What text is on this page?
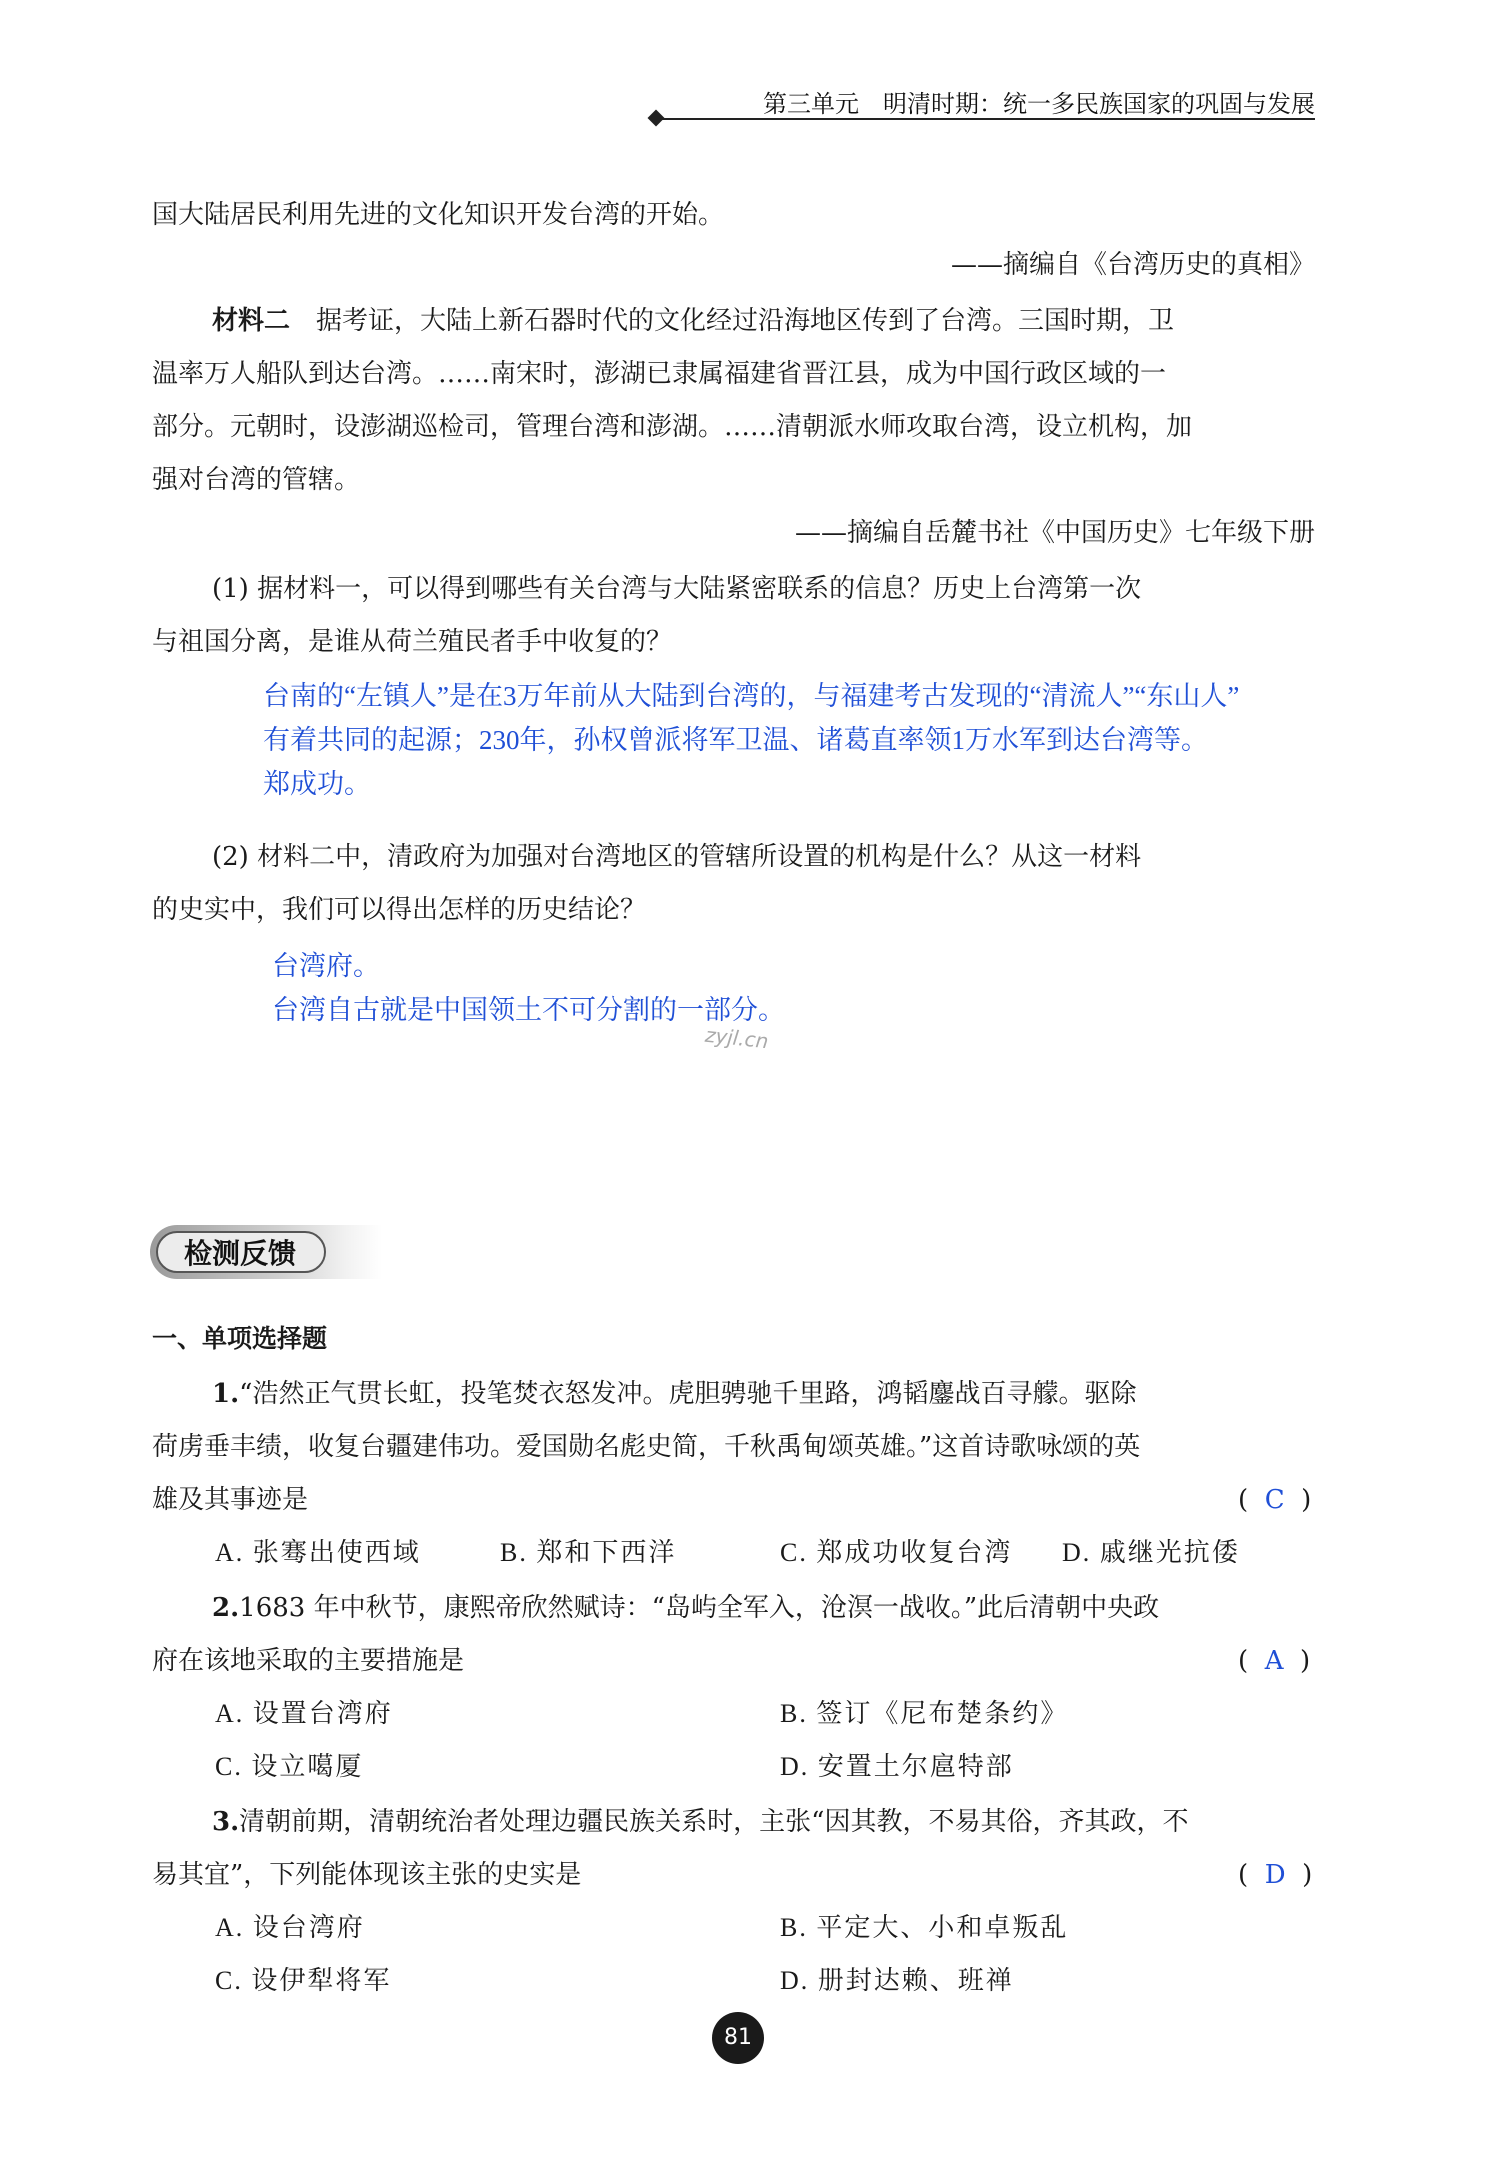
第三单元　明清时期：统一多民族国家的巩固与发展
国大陆居民利用先进的文化知识开发台湾的开始。
——摘编自《台湾历史的真相》
材料二 据考证，大陆上新石器时代的文化经过沿海地区传到了台湾。三国时期，卫
温率万人船队到达台湾。……南宋时，澎湖已隶属福建省晋江县，成为中国行政区域的一
部分。元朝时，设澎湖巡检司，管理台湾和澎湖。……清朝派水师攻取台湾，设立机构，加
强对台湾的管辖。
——摘编自岳麓书社《中国历史》七年级下册
(1) 据材料一，可以得到哪些有关台湾与大陆紧密联系的信息？历史上台湾第一次
与祖国分离，是谁从荷兰殖民者手中收复的？
台南的“左镇人”是在3万年前从大陆到台湾的，与福建考古发现的“清流人”“东山人”
有着共同的起源；230年，孙权曾派将军卫温、诸葛直率领1万水军到达台湾等。
郑成功。
(2) 材料二中，清政府为加强对台湾地区的管辖所设置的机构是什么？从这一材料
的史实中，我们可以得出怎样的历史结论？
台湾府。
台湾自古就是中国领土不可分割的一部分。
zyjl.cn
检测反馈
一、单项选择题
1.“浩然正气贯长虹，投笔焚衣怒发冲。虎胆骋驰千里路，鸿韬鏖战百寻艨。驱除
荷虏垂丰绩，收复台疆建伟功。爱国勋名彪史简，千秋禹甸颂英雄。”这首诗歌咏颂的英
雄及其事迹是	(  C  )
A. 张骞出使西域	B. 郑和下西洋	C. 郑成功收复台湾 D. 戚继光抗倭
2.1683 年中秋节，康熙帝欣然赋诗：“岛屿全军入，沧溟一战收。”此后清朝中央政
府在该地采取的主要措施是	(  A  )
A. 设置台湾府	B. 签订《尼布楚条约》
C. 设立噶厦	D. 安置土尔扈特部
3.清朝前期，清朝统治者处理边疆民族关系时，主张“因其教，不易其俗，齐其政，不
易其宜”，下列能体现该主张的史实是	(  D  )
A. 设台湾府	B. 平定大、小和卓叛乱
C. 设伊犁将军	D. 册封达赖、班禅
81
